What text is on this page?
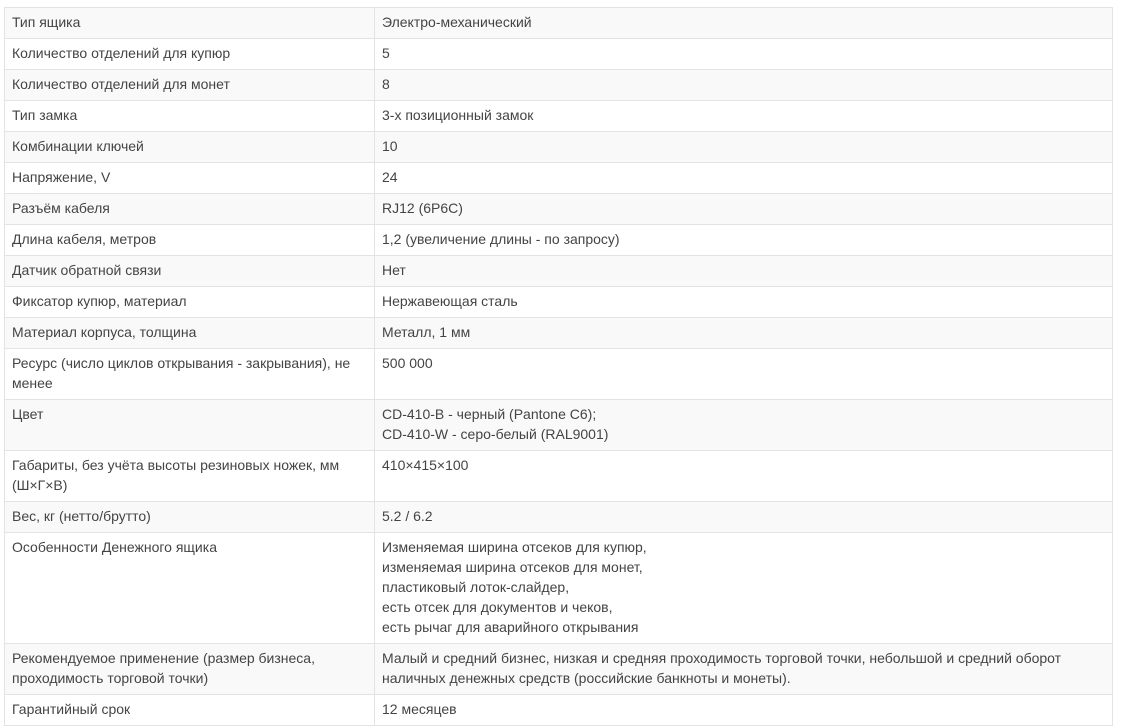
Тип ящика	Электро-механический
Количество отделений для купюр	5
Количество отделений для монет	8
Тип замка	3-х позиционный замок
Комбинации ключей	10
Напряжение, V	24
Разъём кабеля	RJ12 (6P6C)
Длина кабеля, метров	1,2 (увеличение длины - по запросу)
Датчик обратной связи	Нет
Фиксатор купюр, материал	Нержавеющая сталь
Материал корпуса, толщина	Металл, 1 мм
Ресурс (число циклов открывания - закрывания), не менее	500 000
Цвет	CD-410-B - черный (Pantone C6);
CD-410-W - серо-белый (RAL9001)
Габариты, без учёта высоты резиновых ножек, мм (Ш×Г×В)	410×415×100
Вес, кг (нетто/брутто)	5.2 / 6.2
Особенности Денежного ящика	Изменяемая ширина отсеков для купюр,
изменяемая ширина отсеков для монет,
пластиковый лоток-слайдер,
есть отсек для документов и чеков,
есть рычаг для аварийного открывания
Рекомендуемое применение (размер бизнеса, проходимость торговой точки)	Малый и средний бизнес, низкая и средняя проходимость торговой точки, небольшой и средний оборот наличных денежных средств (российские банкноты и монеты).
Гарантийный срок	12 месяцев
